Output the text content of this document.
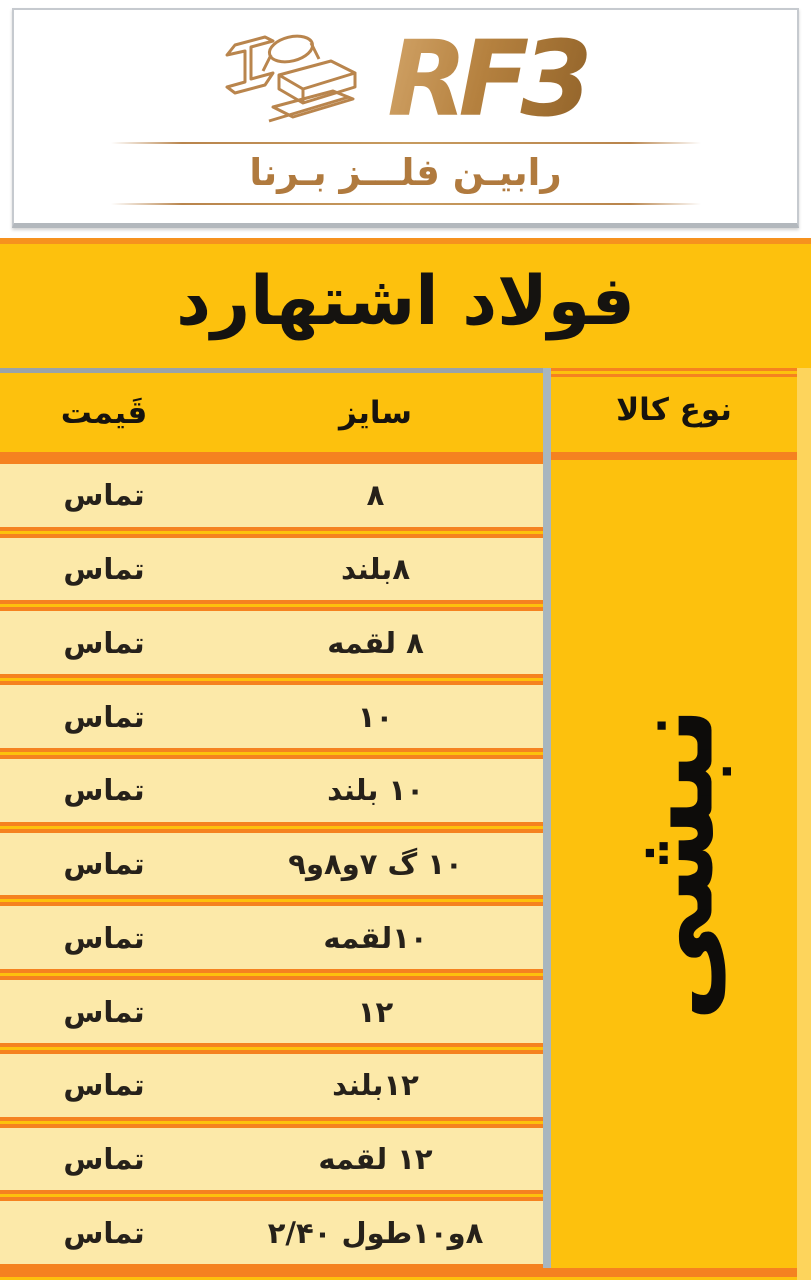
RF3
رابیـن فلـــز بـرنا
فولاد اشتهارد
قَیمت	سایز	نوع کالا
تماس	۸
تماس	۸بلند
تماس	۸ لقمه
تماس	۱۰
تماس	۱۰ بلند
تماس	۱۰ گ ۷و۸و۹
تماس	۱۰لقمه
تماس	۱۲
تماس	۱۲بلند
تماس	۱۲ لقمه
تماس	۸و۱۰طول ۲/۴۰
نبشی
